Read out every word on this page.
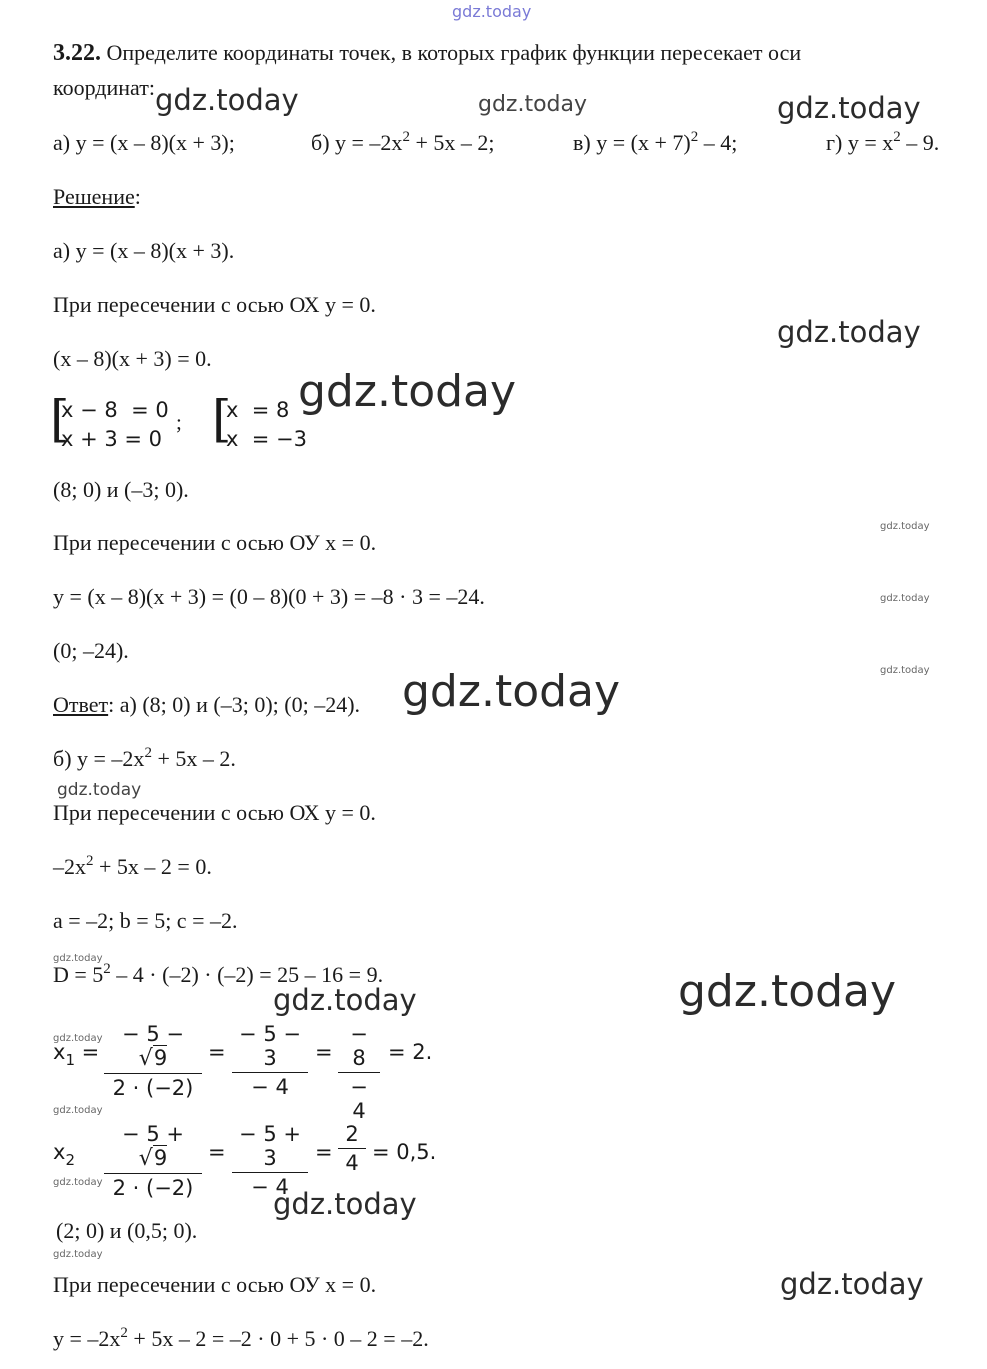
gdz.today
3.22. Определите координаты точек, в которых график функции пересекает оси
координат:
а) y = (x – 8)(x + 3);	б) $y = -2x^2 + 5x - 2$;	в) $y = (x + 7)^2 - 4$;	г) $y = x^2 - 9$.
Решение:
а) y = (x – 8)(x + 3).
При пересечении с осью ОХ y = 0.
(x – 8)(x + 3) = 0.
[
x − 8  = 0
x + 3 = 0
; [
x  = 8
x  = −3
(8; 0) и (–3; 0).
При пересечении с осью ОУ x = 0.
y = (x – 8)(x + 3) = (0 – 8)(0 + 3) = –8 · 3 = –24.
(0; –24).
Ответ: а) (8; 0) и (–3; 0); (0; –24).
б) $y = -2x^2 + 5x - 2$.
При пересечении с осью ОХ y = 0.
$-2x^2 + 5x - 2 = 0$.
a = –2; b = 5; c = –2.
$D = 5^2 - 4 \cdot (-2) \cdot (-2) = 25 - 16 = 9$.
$x_1 = \frac{- 5 - √9}{2 \cdot (-2)} = \frac{- 5 - 3}{- 4} = \frac{- 8}{- 4} = 2$.
$x_2 \frac{- 5 + √9}{2 \cdot (-2)} = \frac{- 5 + 3}{- 4} = \frac{2}{4} = 0,5$.
(2; 0) и (0,5; 0).
При пересечении с осью ОУ x = 0.
$y = -2x^2 + 5x - 2 = -2 \cdot 0 + 5 \cdot 0 - 2 = -2$.
gdz.today	gdz.today	gdz.today
gdz.today
gdz.today
gdz.today
gdz.today
gdz.today
gdz.today
gdz.today
gdz.today
gdz.today
gdz.today
gdz.today
gdz.today
gdz.today
gdz.today
gdz.today
gdz.today
